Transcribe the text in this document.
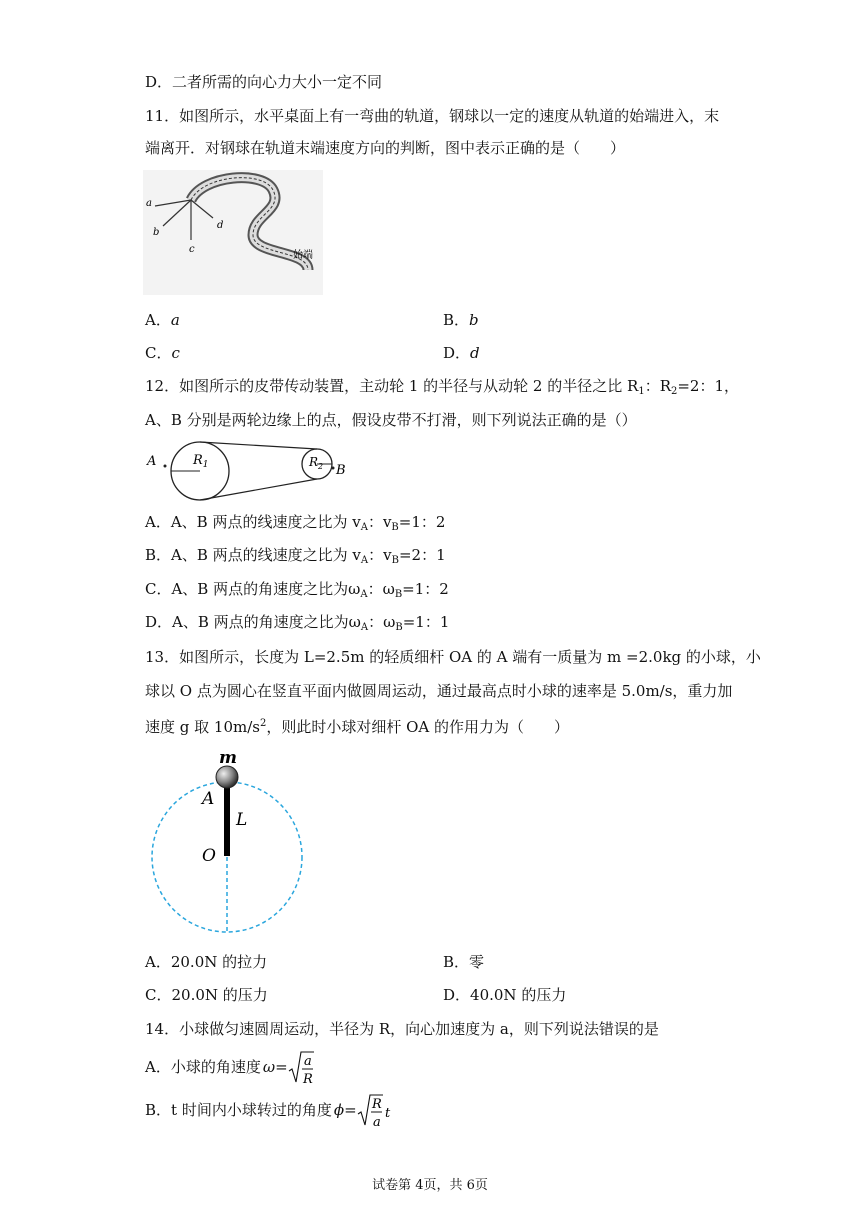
D．二者所需的向心力大小一定不同
11．如图所示，水平桌面上有一弯曲的轨道，钢球以一定的速度从轨道的始端进入，末
端离开．对钢球在轨道末端速度方向的判断，图中表示正确的是（　　）
a
b
c
d
始端
A．a	B．b
C．c	D．d
12．如图所示的皮带传动装置，主动轮 1 的半径与从动轮 2 的半径之比 $R_1$：$R_2=2$：1，
A、B 分别是两轮边缘上的点，假设皮带不打滑，则下列说法正确的是（）
A	$R_1$	$R_2$ B
A．A、B 两点的线速度之比为 $v_A$：$v_B=1$：2
B．A、B 两点的线速度之比为 $v_A$：$v_B=2$：1
C．A、B 两点的角速度之比为$\omega_A$：$\omega_B=1$：2
D．A、B 两点的角速度之比为$\omega_A$：$\omega_B=1$：1
13．如图所示，长度为 L=2.5m 的轻质细杆 OA 的 A 端有一质量为 m =2.0kg 的小球，小
球以 O 点为圆心在竖直平面内做圆周运动，通过最高点时小球的速率是 5.0m/s，重力加
速度 g 取 $10m/s^2$，则此时小球对细杆 OA 的作用力为（　　）
m
A
L
O
A．20.0N 的拉力	B．零
C．20.0N 的压力	D．40.0N 的压力
14．小球做匀速圆周运动，半径为 R，向心加速度为 a，则下列说法错误的是
A．小球的角速度 ω= a
R
B．t 时间内小球转过的角度 ϕ= R
a
t
试卷第 4页，共 6页
